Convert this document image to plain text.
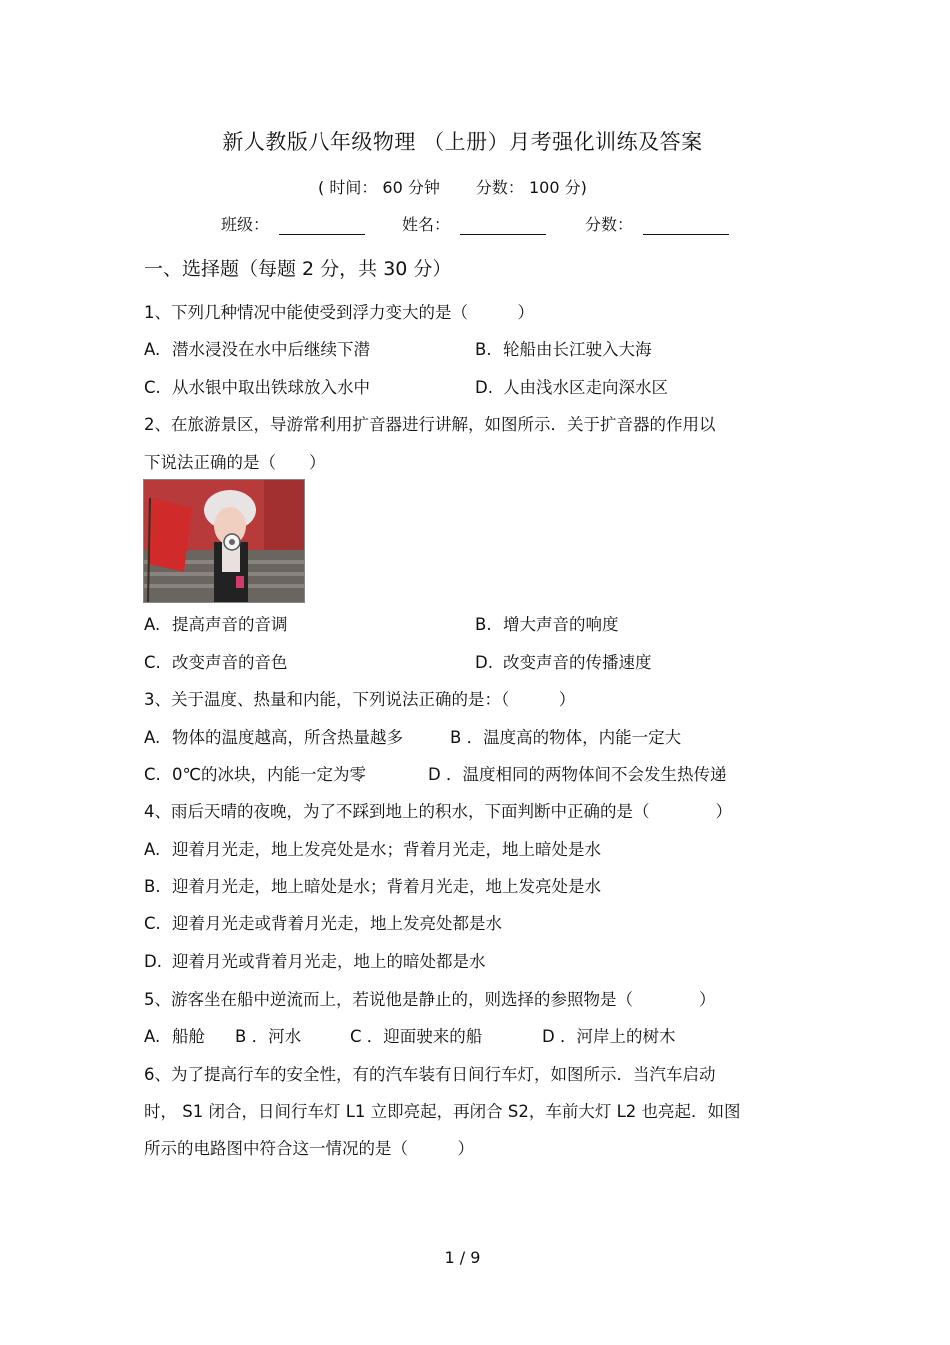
新人教版八年级物理 （上册）月考强化训练及答案
( 时间： 60 分钟 分数： 100 分)
班级：	姓名：	分数：
一、选择题（每题 2 分，共 30 分）
1、下列几种情况中能使受到浮力变大的是（　　　）
A. 潜水浸没在水中后继续下潜	B. 轮船由长江驶入大海
C. 从水银中取出铁球放入水中	D. 人由浅水区走向深水区
2、在旅游景区，导游常利用扩音器进行讲解，如图所示．关于扩音器的作用以
下说法正确的是（　　）
A. 提高声音的音调	B. 增大声音的响度
C. 改变声音的音色	D. 改变声音的传播速度
3、关于温度、热量和内能，下列说法正确的是：（　　　）
A. 物体的温度越高，所含热量越多	B ．温度高的物体，内能一定大
C. 0℃的冰块，内能一定为零	D ．温度相同的两物体间不会发生热传递
4、雨后天晴的夜晚，为了不踩到地上的积水，下面判断中正确的是（　　　　）
A. 迎着月光走，地上发亮处是水；背着月光走，地上暗处是水
B. 迎着月光走，地上暗处是水；背着月光走，地上发亮处是水
C. 迎着月光走或背着月光走，地上发亮处都是水
D. 迎着月光或背着月光走，地上的暗处都是水
5、游客坐在船中逆流而上，若说他是静止的，则选择的参照物是（　　　　）
A. 船舱 B ．河水	C ．迎面驶来的船	D ．河岸上的树木
6、为了提高行车的安全性，有的汽车装有日间行车灯，如图所示．当汽车启动
时， S1 闭合，日间行车灯 L1 立即亮起，再闭合 S2，车前大灯 L2 也亮起．如图
所示的电路图中符合这一情况的是（　　　）
1 / 9
